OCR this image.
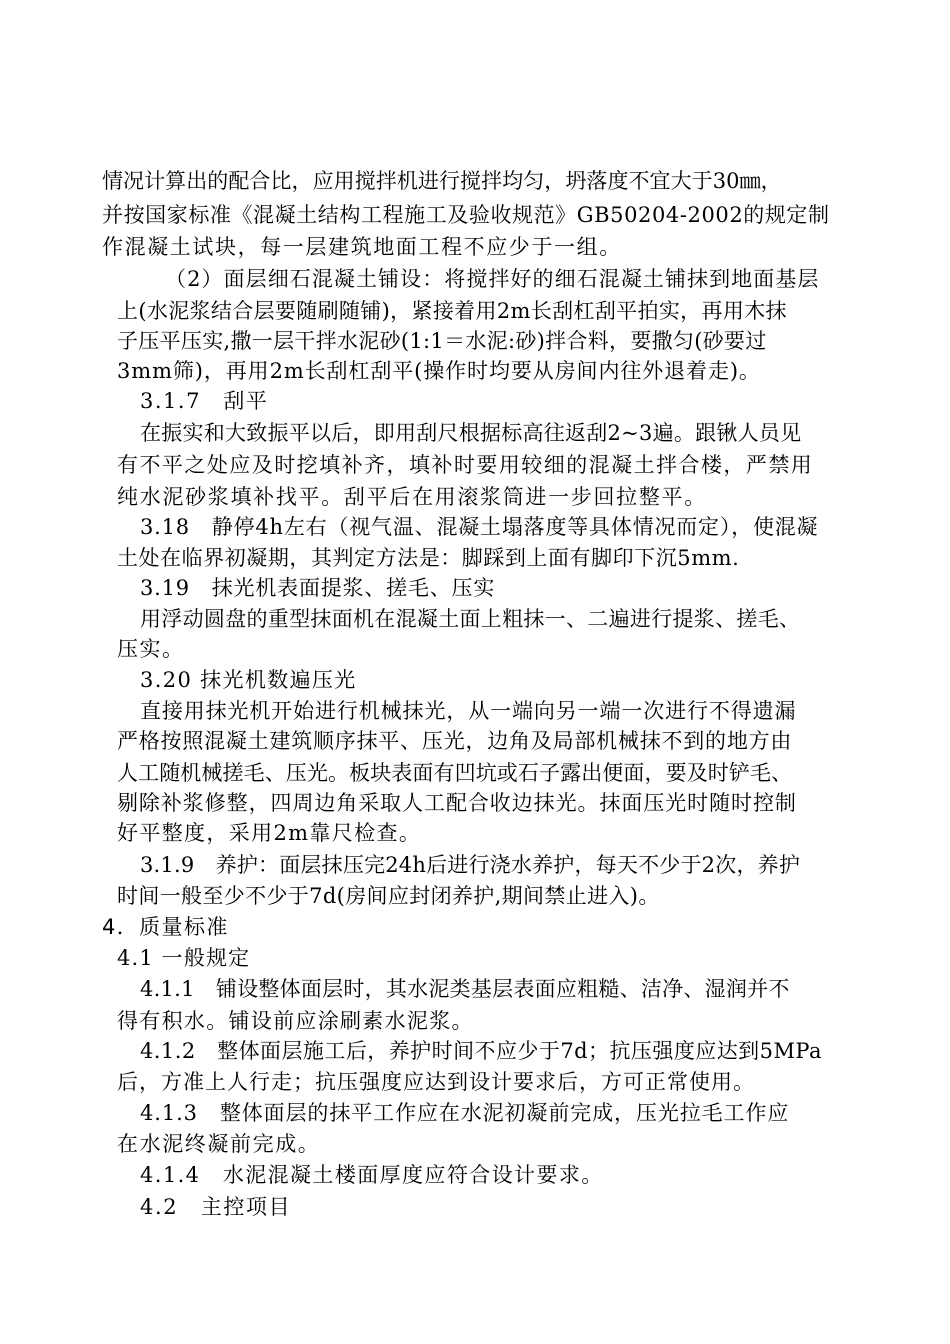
情况计算出的配合比，应用搅拌机进行搅拌均匀，坍落度不宜大于30㎜，
并按国家标准《混凝土结构工程施工及验收规范》GB50204-2002的规定制
作混凝土试块，每一层建筑地面工程不应少于一组。
（2）面层细石混凝土铺设：将搅拌好的细石混凝土铺抹到地面基层
上(水泥浆结合层要随刷随铺)，紧接着用2m长刮杠刮平拍实，再用木抹
子压平压实,撒一层干拌水泥砂(1:1＝水泥:砂)拌合料，要撒匀(砂要过
3mm筛)，再用2m长刮杠刮平(操作时均要从房间内往外退着走)。
3.1.7　刮平
在振实和大致振平以后，即用刮尺根据标高往返刮2~3遍。跟锹人员见
有不平之处应及时挖填补齐，填补时要用较细的混凝土拌合楼，严禁用
纯水泥砂浆填补找平。刮平后在用滚浆筒进一步回拉整平。
3.18　静停4h左右（视气温、混凝土塌落度等具体情况而定），使混凝
土处在临界初凝期，其判定方法是：脚踩到上面有脚印下沉5mm.
3.19　抹光机表面提浆、搓毛、压实
用浮动圆盘的重型抹面机在混凝土面上粗抹一、二遍进行提浆、搓毛、
压实。
3.20 抹光机数遍压光
直接用抹光机开始进行机械抹光，从一端向另一端一次进行不得遗漏
严格按照混凝土建筑顺序抹平、压光，边角及局部机械抹不到的地方由
人工随机械搓毛、压光。板块表面有凹坑或石子露出便面，要及时铲毛、
剔除补浆修整，四周边角采取人工配合收边抹光。抹面压光时随时控制
好平整度，采用2m靠尺检查。
3.1.9　养护：面层抹压完24h后进行浇水养护，每天不少于2次，养护
时间一般至少不少于7d(房间应封闭养护,期间禁止进入)。
4．质量标准
4.1 一般规定
4.1.1　铺设整体面层时，其水泥类基层表面应粗糙、洁净、湿润并不
得有积水。铺设前应涂刷素水泥浆。
4.1.2　整体面层施工后，养护时间不应少于7d；抗压强度应达到5MPa
后，方准上人行走；抗压强度应达到设计要求后，方可正常使用。
4.1.3　整体面层的抹平工作应在水泥初凝前完成，压光拉毛工作应
在水泥终凝前完成。
4.1.4　水泥混凝土楼面厚度应符合设计要求。
4.2　主控项目
